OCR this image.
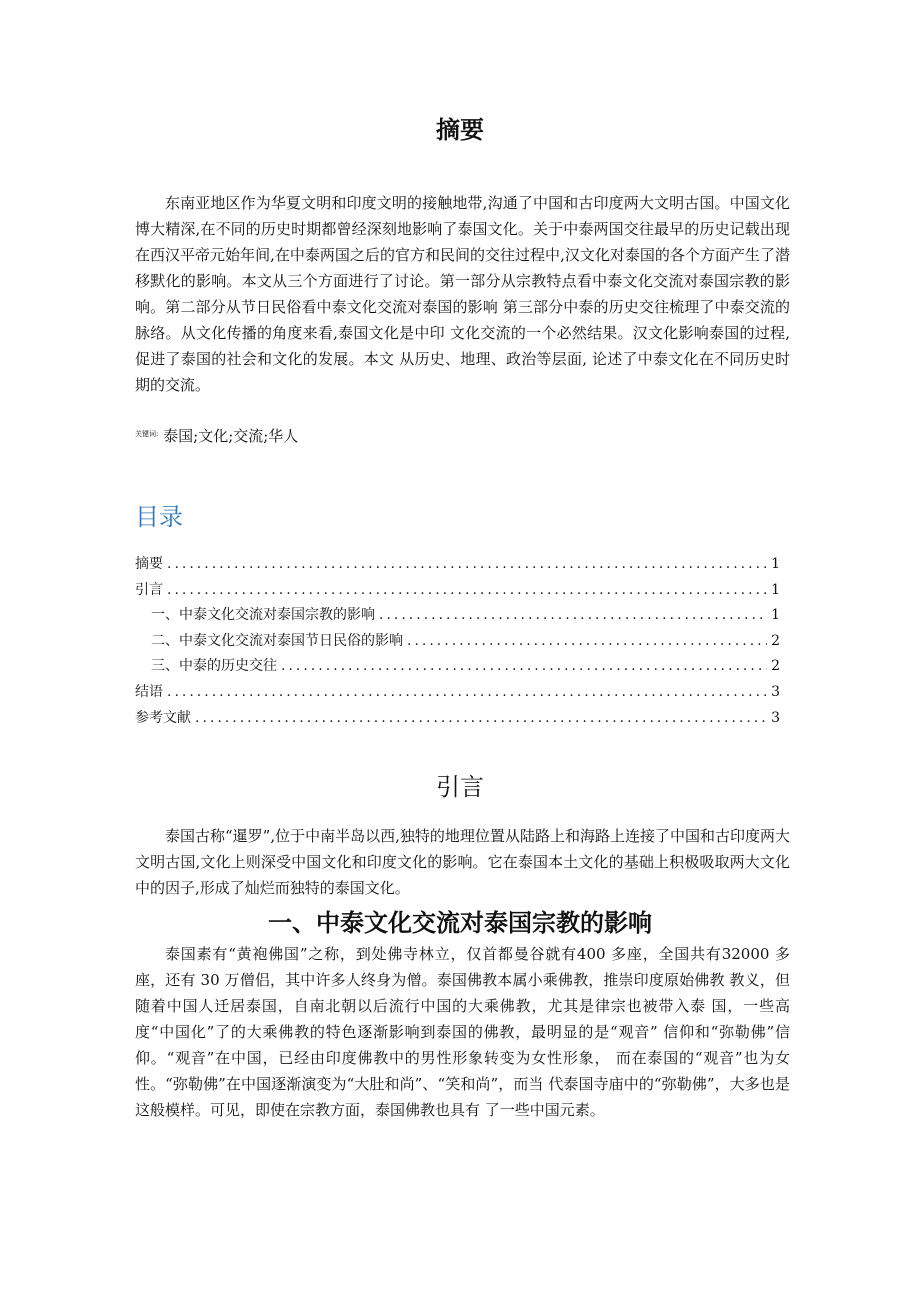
摘要

东南亚地区作为华夏文明和印度文明的接触地带,沟通了中国和古印度两大文明古国。中国文化博大精深,在不同的历史时期都曾经深刻地影响了泰国文化。关于中泰两国交往最早的历史记载出现在西汉平帝元始年间,在中泰两国之后的官方和民间的交往过程中,汉文化对泰国的各个方面产生了潜移默化的影响。本文从三个方面进行了讨论。第一部分从宗教特点看中泰文化交流对泰国宗教的影响。第二部分从节日民俗看中泰文化交流对泰国的影响 第三部分中泰的历史交往梳理了中泰交流的脉络。从文化传播的角度来看,泰国文化是中印 文化交流的一个必然结果。汉文化影响泰国的过程,促进了泰国的社会和文化的发展。本文 从历史、地理、政治等层面, 论述了中泰文化在不同历史时期的交流。

$^{关键词:}$ 泰国;文化;交流;华人
目录
摘要 .....	1
引言 .....	1
一、中泰文化交流对泰国宗教的影响 .....	1
二、中泰文化交流对泰国节日民俗的影响 .....	2
三、中泰的历史交往 .....	2
结语 .....	3
参考文献 .....	3
引言

泰国古称“暹罗”,位于中南半岛以西,独特的地理位置从陆路上和海路上连接了中国和古印度两大文明古国,文化上则深受中国文化和印度文化的影响。它在泰国本土文化的基础上积极吸取两大文化中的因子,形成了灿烂而独特的泰国文化。

一、中泰文化交流对泰国宗教的影响

泰国素有“黄袍佛国”之称，到处佛寺林立，仅首都曼谷就有400 多座，全国共有32000 多座，还有 30 万僧侣，其中许多人终身为僧。泰国佛教本属小乘佛教，推崇印度原始佛教 教义，但随着中国人迁居泰国，自南北朝以后流行中国的大乘佛教，尤其是律宗也被带入泰 国，一些高度“中国化”了的大乘佛教的特色逐渐影响到泰国的佛教，最明显的是“观音” 信仰和“弥勒佛”信仰。“观音”在中国，已经由印度佛教中的男性形象转变为女性形象， 而在泰国的“观音”也为女性。“弥勒佛”在中国逐渐演变为“大肚和尚”、“笑和尚”，而当 代泰国寺庙中的“弥勒佛”，大多也是这般模样。可见，即使在宗教方面，泰国佛教也具有 了一些中国元素。
